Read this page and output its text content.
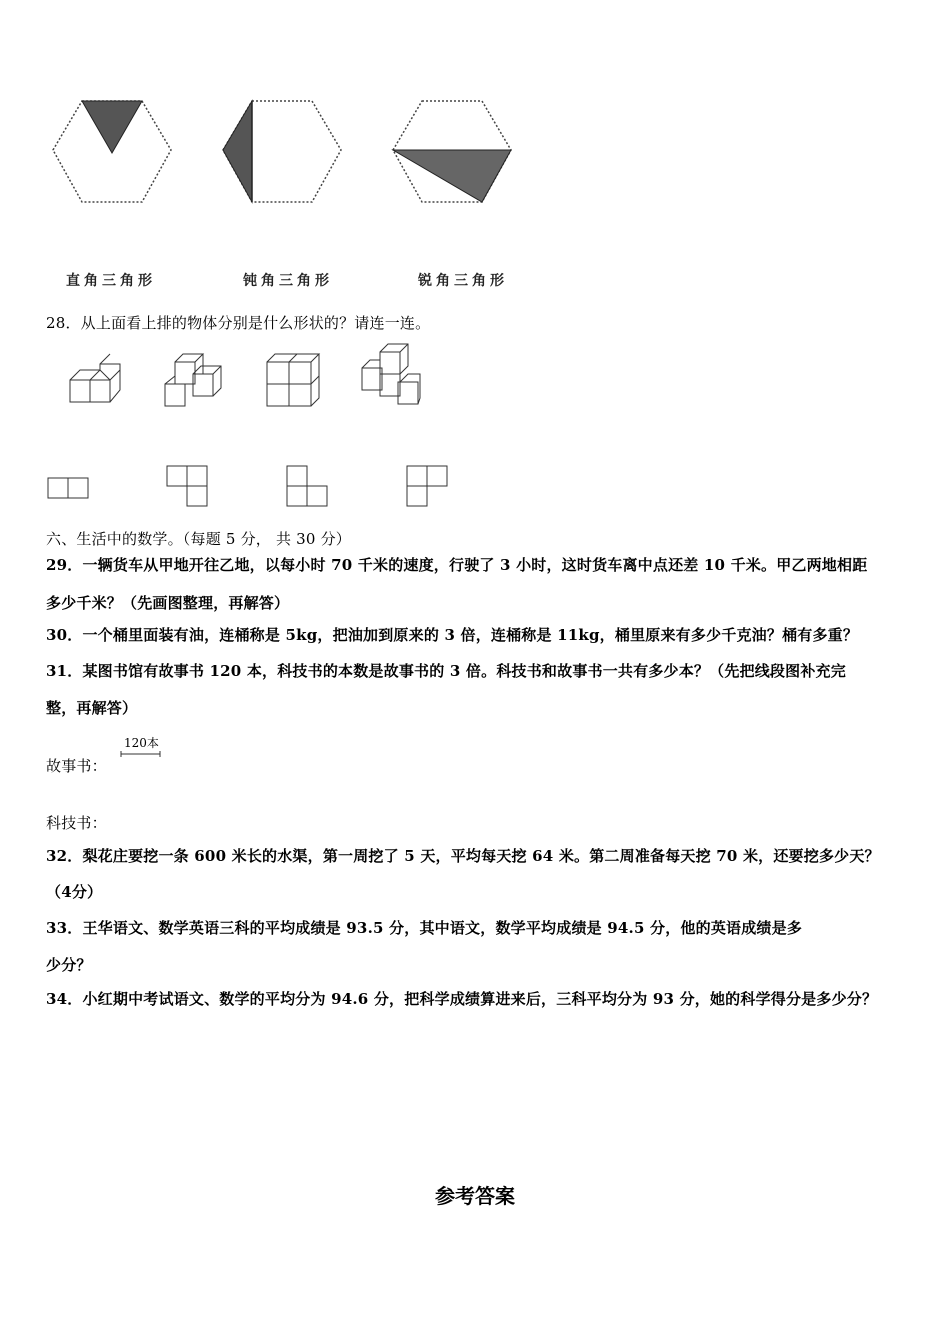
直角三角形	钝角三角形	锐角三角形
28．从上面看上排的物体分别是什么形状的？请连一连。
六、生活中的数学。（每题 5 分， 共 30 分）
29．一辆货车从甲地开往乙地，以每小时 70 千米的速度，行驶了 3 小时，这时货车离中点还差 10 千米。甲乙两地相距
多少千米？（先画图整理，再解答）
30．一个桶里面装有油，连桶称是 5kg，把油加到原来的 3 倍，连桶称是 11kg，桶里原来有多少千克油？桶有多重？
31．某图书馆有故事书 120 本，科技书的本数是故事书的 3 倍。科技书和故事书一共有多少本？（先把线段图补充完
整，再解答）
故事书：
120本
科技书：
32．梨花庄要挖一条 600 米长的水渠，第一周挖了 5 天，平均每天挖 64 米。第二周准备每天挖 70 米，还要挖多少天？
（4分）
33．王华语文、数学英语三科的平均成绩是 93.5 分，其中语文，数学平均成绩是 94.5 分，他的英语成绩是多
少分？
34．小红期中考试语文、数学的平均分为 94.6 分，把科学成绩算进来后，三科平均分为 93 分，她的科学得分是多少分？
参考答案
